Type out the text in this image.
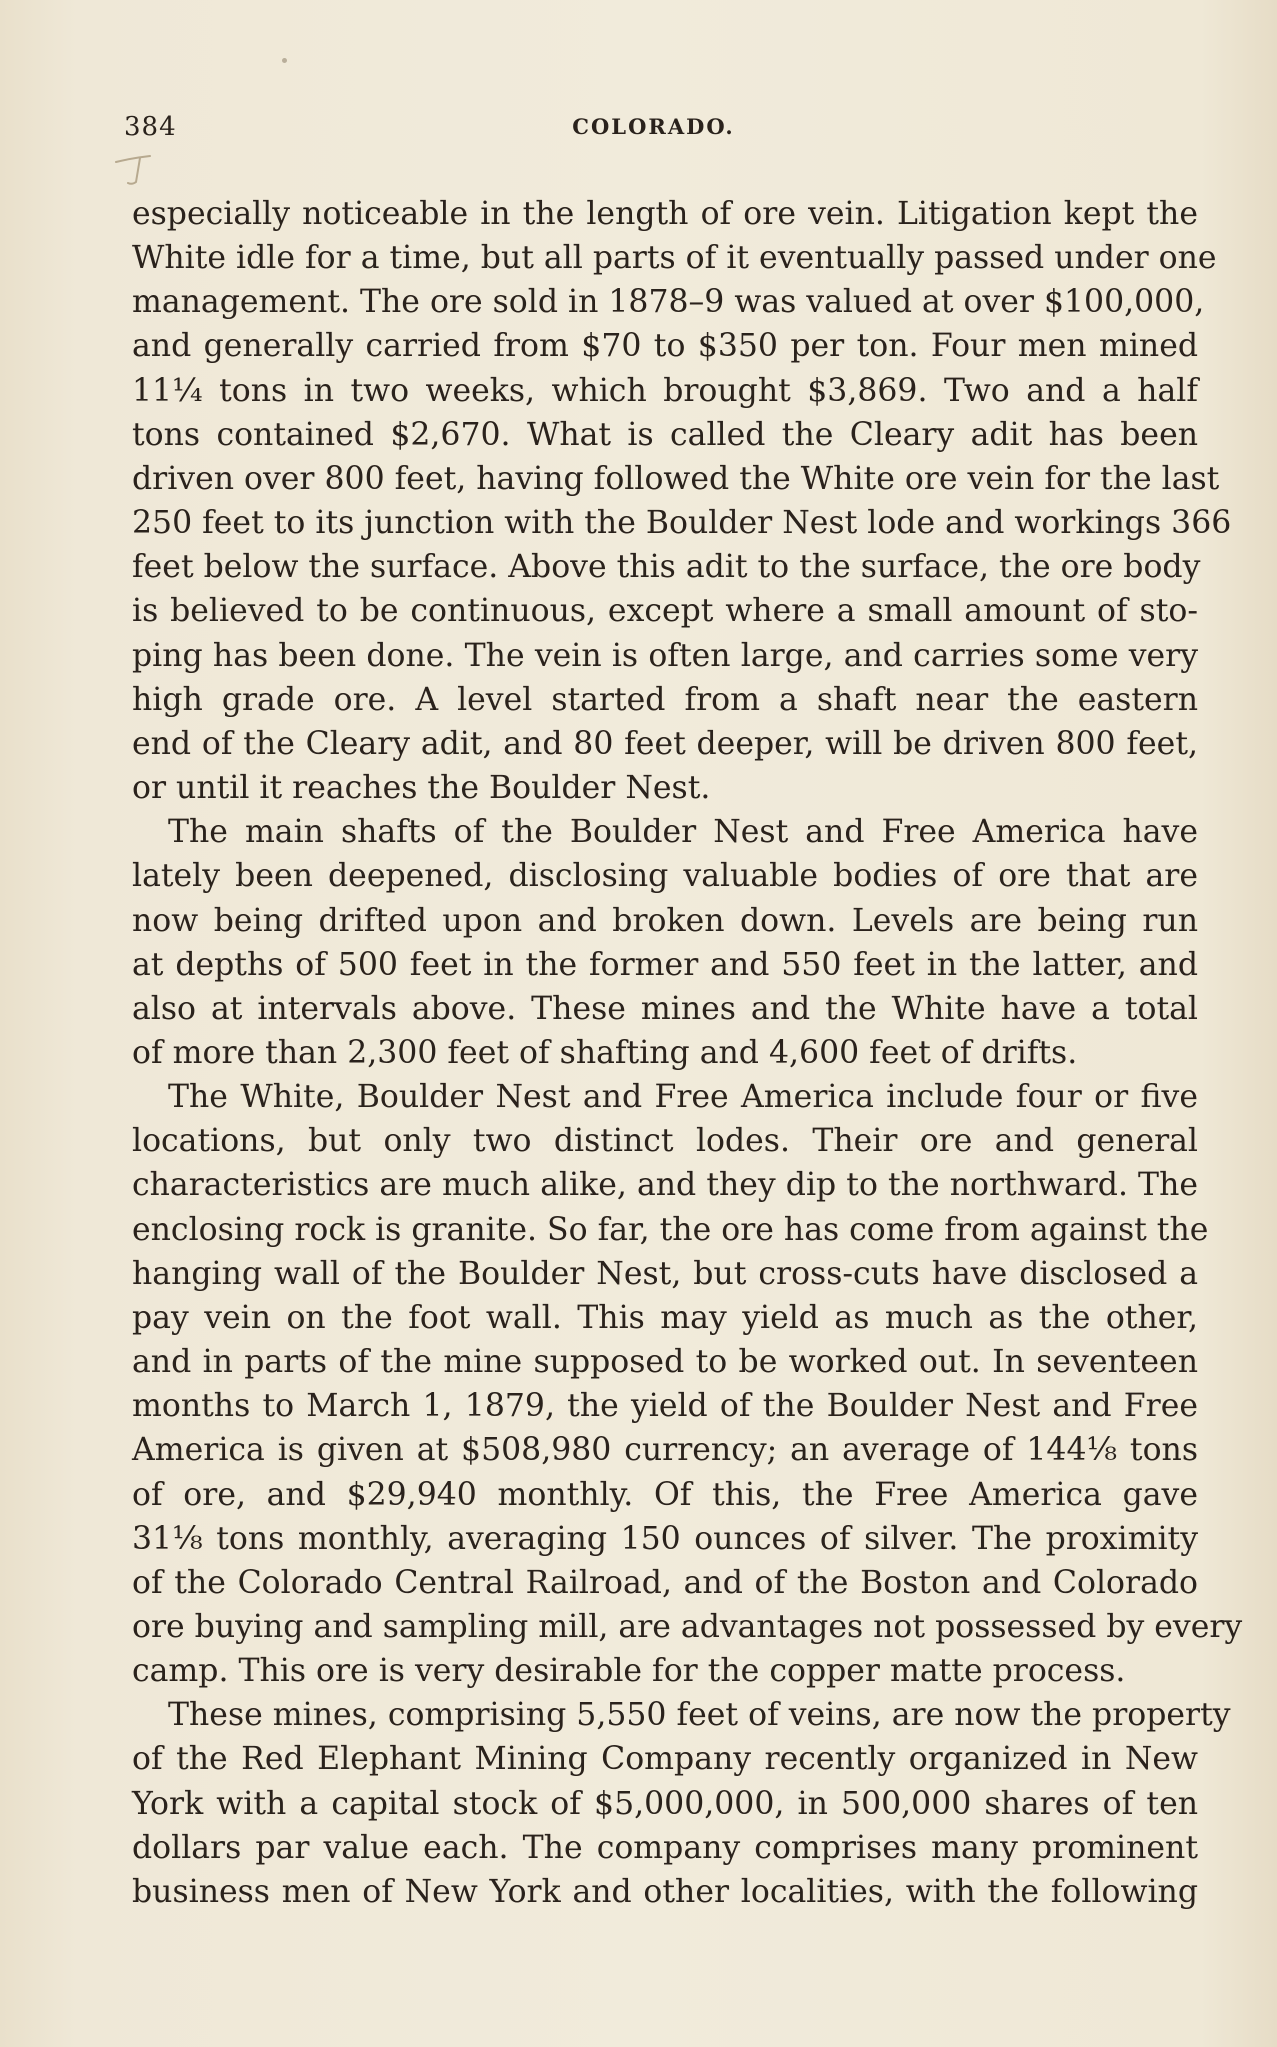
384	COLORADO.

especially noticeable in the length of ore vein. Litigation kept the
White idle for a time, but all parts of it eventually passed under one
management. The ore sold in 1878–9 was valued at over $100,000,
and generally carried from $70 to $350 per ton. Four men mined
11¼ tons in two weeks, which brought $3,869. Two and a half
tons contained $2,670. What is called the Cleary adit has been
driven over 800 feet, having followed the White ore vein for the last
250 feet to its junction with the Boulder Nest lode and workings 366
feet below the surface. Above this adit to the surface, the ore body
is believed to be continuous, except where a small amount of sto-
ping has been done. The vein is often large, and carries some very
high grade ore. A level started from a shaft near the eastern
end of the Cleary adit, and 80 feet deeper, will be driven 800 feet,
or until it reaches the Boulder Nest.

The main shafts of the Boulder Nest and Free America have
lately been deepened, disclosing valuable bodies of ore that are
now being drifted upon and broken down. Levels are being run
at depths of 500 feet in the former and 550 feet in the latter, and
also at intervals above. These mines and the White have a total
of more than 2,300 feet of shafting and 4,600 feet of drifts.

The White, Boulder Nest and Free America include four or five
locations, but only two distinct lodes. Their ore and general
characteristics are much alike, and they dip to the northward. The
enclosing rock is granite. So far, the ore has come from against the
hanging wall of the Boulder Nest, but cross-cuts have disclosed a
pay vein on the foot wall. This may yield as much as the other,
and in parts of the mine supposed to be worked out. In seventeen
months to March 1, 1879, the yield of the Boulder Nest and Free
America is given at $508,980 currency; an average of 144⅛ tons
of ore, and $29,940 monthly. Of this, the Free America gave
31⅛ tons monthly, averaging 150 ounces of silver. The proximity
of the Colorado Central Railroad, and of the Boston and Colorado
ore buying and sampling mill, are advantages not possessed by every
camp. This ore is very desirable for the copper matte process.

These mines, comprising 5,550 feet of veins, are now the property
of the Red Elephant Mining Company recently organized in New
York with a capital stock of $5,000,000, in 500,000 shares of ten
dollars par value each. The company comprises many prominent
business men of New York and other localities, with the following
